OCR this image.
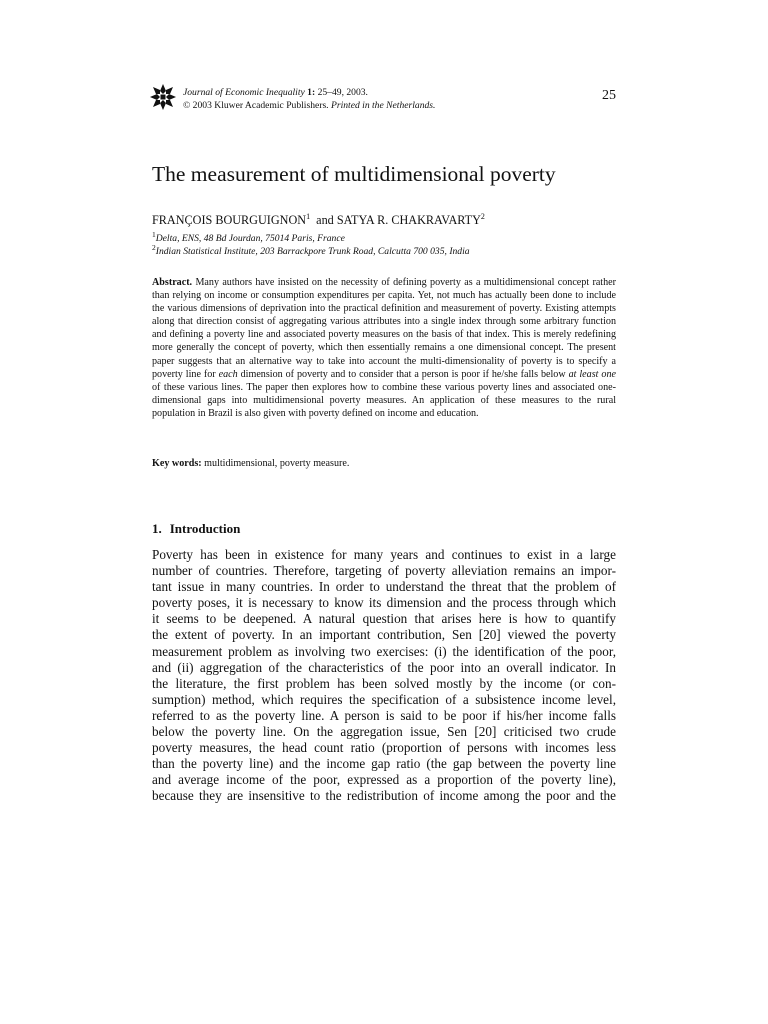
Journal of Economic Inequality 1: 25–49, 2003.
© 2003 Kluwer Academic Publishers. Printed in the Netherlands.
25
The measurement of multidimensional poverty
FRANÇOIS BOURGUIGNON$^1$ and SATYA R. CHAKRAVARTY$^2$
$^1$Delta, ENS, 48 Bd Jourdan, 75014 Paris, France
$^2$Indian Statistical Institute, 203 Barrackpore Trunk Road, Calcutta 700 035, India

Abstract. Many authors have insisted on the necessity of defining poverty as a multidimensional concept rather than relying on income or consumption expenditures per capita. Yet, not much has actually been done to include the various dimensions of deprivation into the practical definition and measurement of poverty. Existing attempts along that direction consist of aggregating various attributes into a single index through some arbitrary function and defining a poverty line and associated poverty measures on the basis of that index. This is merely redefining more generally the concept of poverty, which then essentially remains a one dimensional concept. The present paper suggests that an alternative way to take into account the multi-dimensionality of poverty is to specify a poverty line for each dimension of poverty and to consider that a person is poor if he/she falls below at least one of these various lines. The paper then explores how to combine these various poverty lines and associated one-dimensional gaps into multidimensional poverty measures. An application of these measures to the rural population in Brazil is also given with poverty defined on income and education.

Key words: multidimensional, poverty measure.
1. Introduction
Poverty has been in existence for many years and continues to exist in a large
number of countries. Therefore, targeting of poverty alleviation remains an impor-
tant issue in many countries. In order to understand the threat that the problem of
poverty poses, it is necessary to know its dimension and the process through which
it seems to be deepened. A natural question that arises here is how to quantify
the extent of poverty. In an important contribution, Sen [20] viewed the poverty
measurement problem as involving two exercises: (i) the identification of the poor,
and (ii) aggregation of the characteristics of the poor into an overall indicator. In
the literature, the first problem has been solved mostly by the income (or con-
sumption) method, which requires the specification of a subsistence income level,
referred to as the poverty line. A person is said to be poor if his/her income falls
below the poverty line. On the aggregation issue, Sen [20] criticised two crude
poverty measures, the head count ratio (proportion of persons with incomes less
than the poverty line) and the income gap ratio (the gap between the poverty line
and average income of the poor, expressed as a proportion of the poverty line),
because they are insensitive to the redistribution of income among the poor and the
